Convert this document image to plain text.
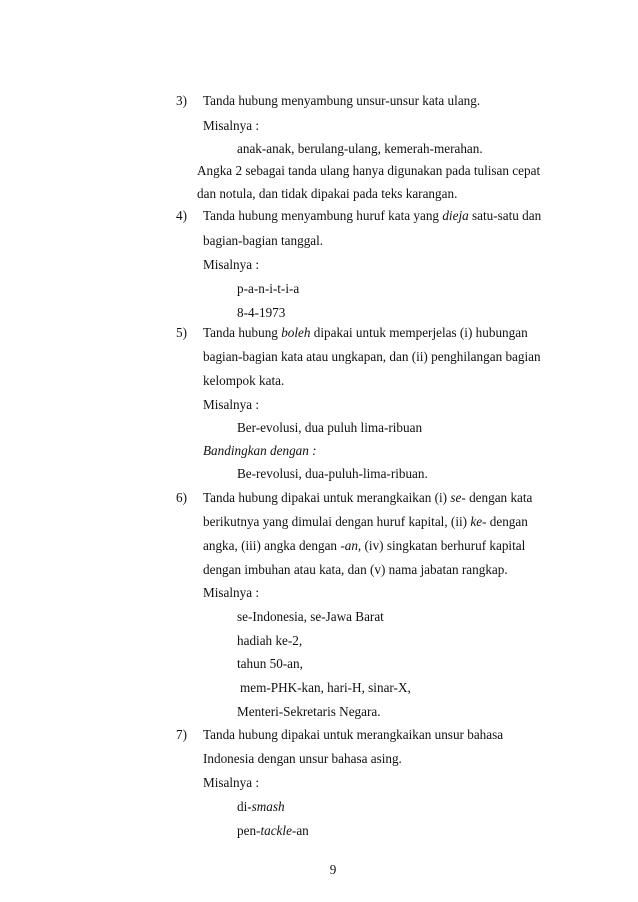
3) Tanda hubung menyambung unsur-unsur kata ulang.
Misalnya :
anak-anak, berulang-ulang, kemerah-merahan.
Angka 2 sebagai tanda ulang hanya digunakan pada tulisan cepat
dan notula, dan tidak dipakai pada teks karangan.
4) Tanda hubung menyambung huruf kata yang dieja satu-satu dan
bagian-bagian tanggal.
Misalnya :
p-a-n-i-t-i-a
8-4-1973
5) Tanda hubung boleh dipakai untuk memperjelas (i) hubungan
bagian-bagian kata atau ungkapan, dan (ii) penghilangan bagian
kelompok kata.
Misalnya :
Ber-evolusi, dua puluh lima-ribuan
Bandingkan dengan :
Be-revolusi, dua-puluh-lima-ribuan.
6) Tanda hubung dipakai untuk merangkaikan (i) se- dengan kata
berikutnya yang dimulai dengan huruf kapital, (ii) ke- dengan
angka, (iii) angka dengan -an, (iv) singkatan berhuruf kapital
dengan imbuhan atau kata, dan (v) nama jabatan rangkap.
Misalnya :
se-Indonesia, se-Jawa Barat
hadiah ke-2,
tahun 50-an,
mem-PHK-kan, hari-H, sinar-X,
Menteri-Sekretaris Negara.
7) Tanda hubung dipakai untuk merangkaikan unsur bahasa
Indonesia dengan unsur bahasa asing.
Misalnya :
di-smash
pen-tackle-an
9
